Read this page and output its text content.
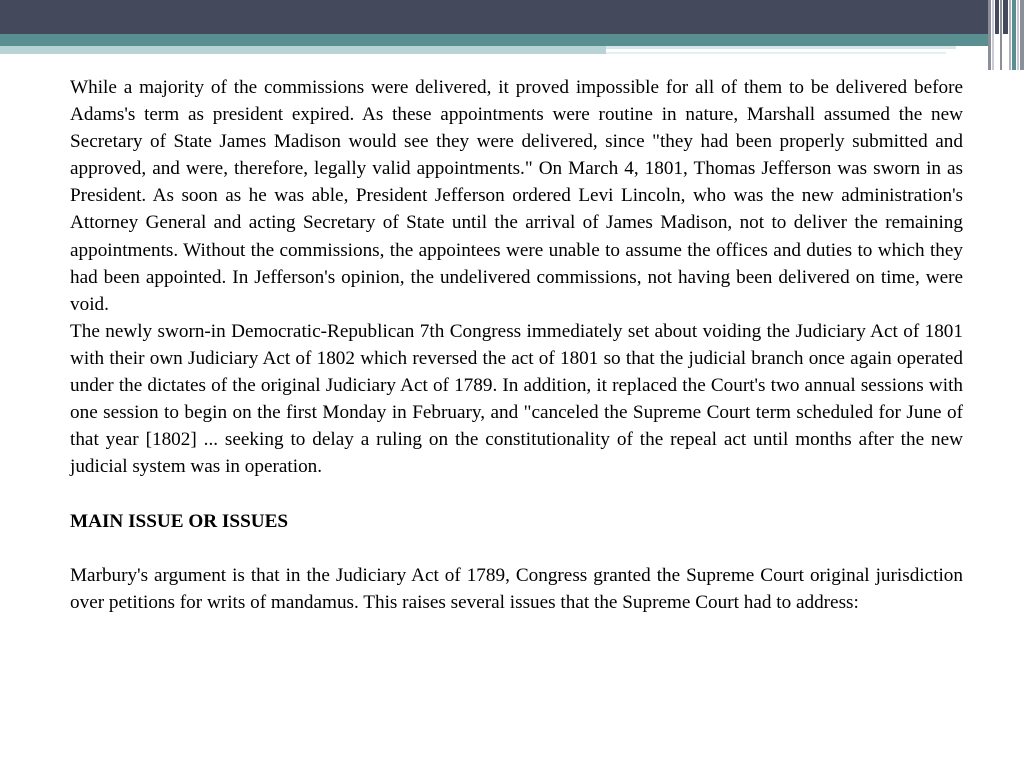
While a majority of the commissions were delivered, it proved impossible for all of them to be delivered before Adams's term as president expired. As these appointments were routine in nature, Marshall assumed the new Secretary of State James Madison would see they were delivered, since "they had been properly submitted and approved, and were, therefore, legally valid appointments." On March 4, 1801, Thomas Jefferson was sworn in as President. As soon as he was able, President Jefferson ordered Levi Lincoln, who was the new administration's Attorney General and acting Secretary of State until the arrival of James Madison, not to deliver the remaining appointments. Without the commissions, the appointees were unable to assume the offices and duties to which they had been appointed. In Jefferson's opinion, the undelivered commissions, not having been delivered on time, were void.

The newly sworn-in Democratic-Republican 7th Congress immediately set about voiding the Judiciary Act of 1801 with their own Judiciary Act of 1802 which reversed the act of 1801 so that the judicial branch once again operated under the dictates of the original Judiciary Act of 1789. In addition, it replaced the Court's two annual sessions with one session to begin on the first Monday in February, and "canceled the Supreme Court term scheduled for June of that year [1802] ... seeking to delay a ruling on the constitutionality of the repeal act until months after the new judicial system was in operation.

MAIN ISSUE OR ISSUES

Marbury's argument is that in the Judiciary Act of 1789, Congress granted the Supreme Court original jurisdiction over petitions for writs of mandamus. This raises several issues that the Supreme Court had to address:
